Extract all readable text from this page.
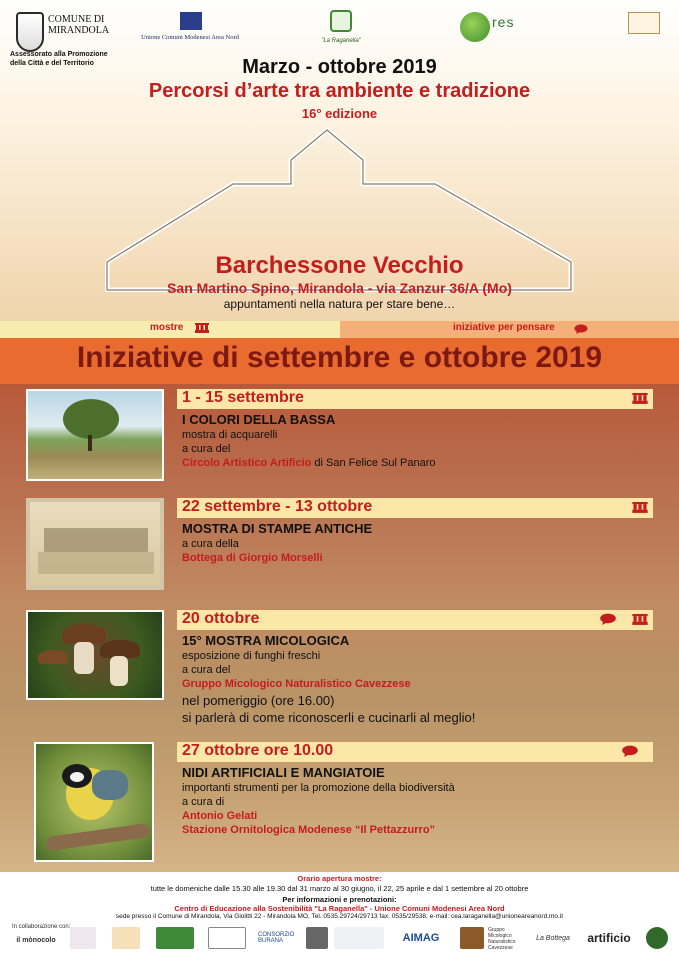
COMUNE DI MIRANDOLA
Assessorato alla Promozione della Città e del Territorio
Unione Comuni Modenesi Area Nord	"La Raganella"
res
Marzo - ottobre 2019
Percorsi d’arte tra ambiente e tradizione
16° edizione
Barchessone Vecchio
San Martino Spino, Mirandola - via Zanzur 36/A (Mo)
appuntamenti nella natura per stare bene…
mostre	iniziative per pensare
Iniziative di settembre e ottobre 2019
1 - 15 settembre
I COLORI DELLA BASSA
mostra di acquarelli
a cura del
Circolo Artistico Artificio di San Felice Sul Panaro
22 settembre - 13 ottobre
MOSTRA DI STAMPE ANTICHE
a cura della
Bottega di Giorgio Morselli
20 ottobre
15° MOSTRA MICOLOGICA
esposizione di funghi freschi
a cura del
Gruppo Micologico Naturalistico Cavezzese
nel pomeriggio (ore 16.00)
si parlerà di come riconoscerli e cucinarli al meglio!
27 ottobre ore 10.00
NIDI ARTIFICIALI E MANGIATOIE
importanti strumenti per la promozione della biodiversità
a cura di
Antonio Gelati
Stazione Ornitologica Modenese “Il Pettazzurro”
Orario apertura mostre:
tutte le domeniche dalle 15.30 alle 19.30 dal 31 marzo al 30 giugno, il 22, 25 aprile e dal 1 settembre al 20 ottobre
Per informazioni e prenotazioni:
Centro di Educazione alla Sostenibilità "La Raganella" - Unione Comuni Modenesi Area Nord
sede presso il Comune di Mirandola, Via Giolitti 22 - Mirandola MO, Tel. 0535.29724/29713 fax: 0535/29538, e-mail: cea.laraganella@unioneareanord.mo.it
In collaborazione con:
il mònocolo
CONSORZIO BURANA	AIMAG
Gruppo Micologico Naturalistico Cavezzese
La Bottega	artificio
